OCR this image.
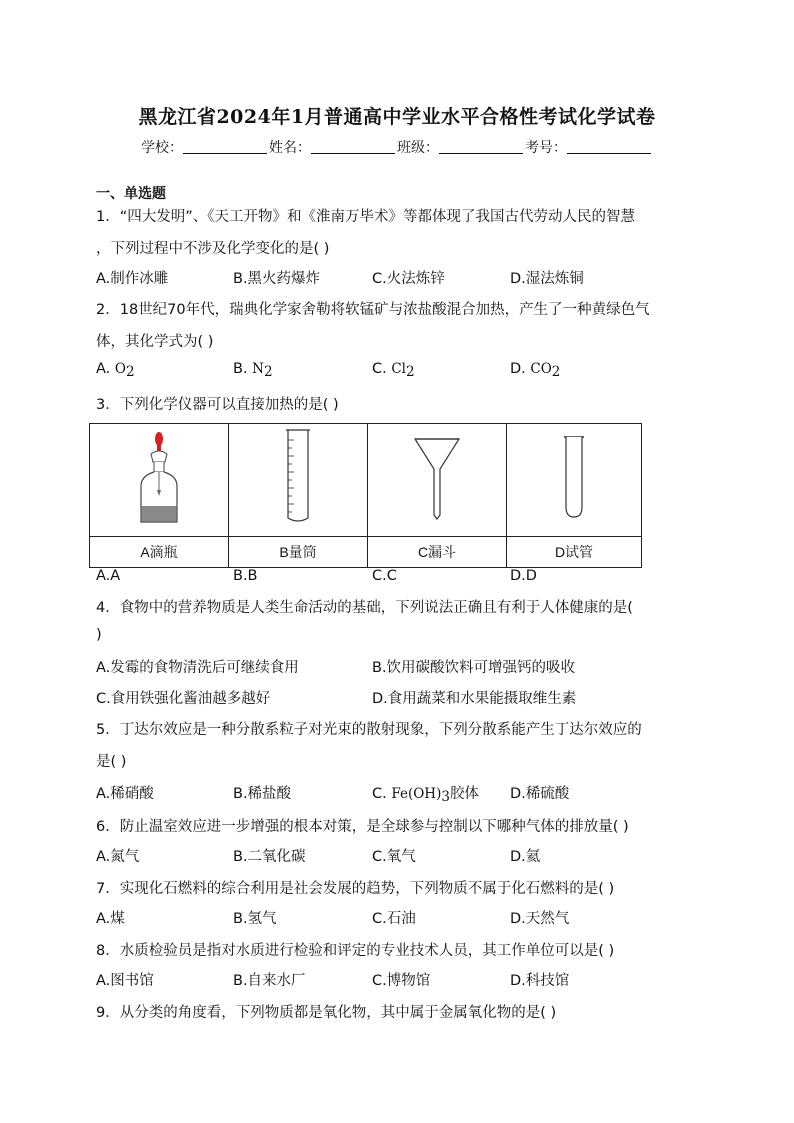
黑龙江省2024年1月普通高中学业水平合格性考试化学试卷
学校：	姓名：	班级：	考号：
一、单选题
1．“四大发明”、《天工开物》和《淮南万毕术》等都体现了我国古代劳动人民的智慧
，下列过程中不涉及化学变化的是( )
A.制作冰雕	B.黑火药爆炸	C.火法炼锌	D.湿法炼铜
2．18世纪70年代，瑞典化学家舍勒将软锰矿与浓盐酸混合加热，产生了一种黄绿色气
体，其化学式为( )
A. $O_2$	B. $N_2$	C. $Cl_2$	D. $CO_2$
3．下列化学仪器可以直接加热的是( )

A滴瓶	B量筒	C漏斗	D试管
A.A	B.B	C.C	D.D
4．食物中的营养物质是人类生命活动的基础，下列说法正确且有利于人体健康的是(
)
A.发霉的食物清洗后可继续食用	B.饮用碳酸饮料可增强钙的吸收
C.食用铁强化酱油越多越好	D.食用蔬菜和水果能摄取维生素
5．丁达尔效应是一种分散系粒子对光束的散射现象，下列分散系能产生丁达尔效应的
是( )
A.稀硝酸	B.稀盐酸	C. $Fe(OH)_3$胶体 D.稀硫酸
6．防止温室效应进一步增强的根本对策，是全球参与控制以下哪种气体的排放量( )
A.氮气	B.二氧化碳	C.氧气	D.氦
7．实现化石燃料的综合利用是社会发展的趋势，下列物质不属于化石燃料的是( )
A.煤	B.氢气	C.石油	D.天然气
8．水质检验员是指对水质进行检验和评定的专业技术人员，其工作单位可以是( )
A.图书馆	B.自来水厂	C.博物馆	D.科技馆
9．从分类的角度看，下列物质都是氧化物，其中属于金属氧化物的是( )
